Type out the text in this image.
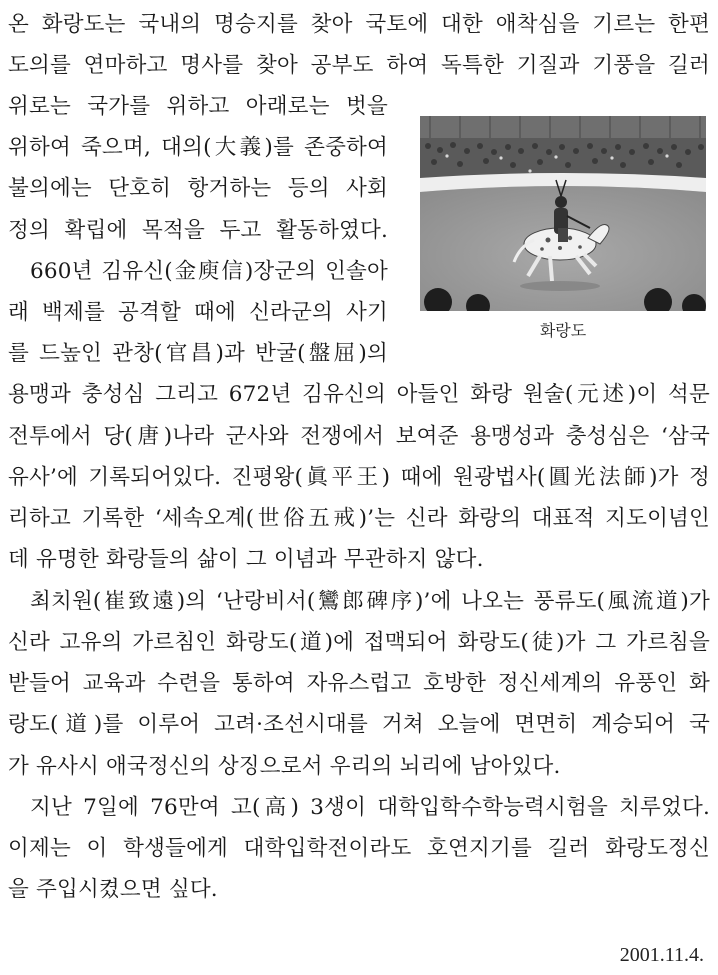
온 화랑도는 국내의 명승지를 찾아 국토에 대한 애착심을 기르는 한편
도의를 연마하고 명사를 찾아 공부도 하여 독특한 기질과 기풍을 길러
위로는 국가를 위하고 아래로는 벗을
위하여 죽으며, 대의(大義)를 존중하여
불의에는 단호히 항거하는 등의 사회
정의 확립에 목적을 두고 활동하였다.
660년 김유신(金庾信)장군의 인솔아
래 백제를 공격할 때에 신라군의 사기
를 드높인 관창(官昌)과 반굴(盤屈)의
용맹과 충성심 그리고 672년 김유신의 아들인 화랑 원술(元述)이 석문
전투에서 당(唐)나라 군사와 전쟁에서 보여준 용맹성과 충성심은 ‘삼국
유사’에 기록되어있다. 진평왕(眞平王) 때에 원광법사(圓光法師)가 정
리하고 기록한 ‘세속오계(世俗五戒)’는 신라 화랑의 대표적 지도이념인
데 유명한 화랑들의 삶이 그 이념과 무관하지 않다.
최치원(崔致遠)의 ‘난랑비서(鸞郎碑序)’에 나오는 풍류도(風流道)가
신라 고유의 가르침인 화랑도(道)에 접맥되어 화랑도(徒)가 그 가르침을
받들어 교육과 수련을 통하여 자유스럽고 호방한 정신세계의 유풍인 화
랑도(道)를 이루어 고려·조선시대를 거쳐 오늘에 면면히 계승되어 국
가 유사시 애국정신의 상징으로서 우리의 뇌리에 남아있다.
지난 7일에 76만여 고(高) 3생이 대학입학수학능력시험을 치루었다.
이제는 이 학생들에게 대학입학전이라도 호연지기를 길러 화랑도정신
을 주입시켰으면 싶다.
화랑도
2001.11.4.
